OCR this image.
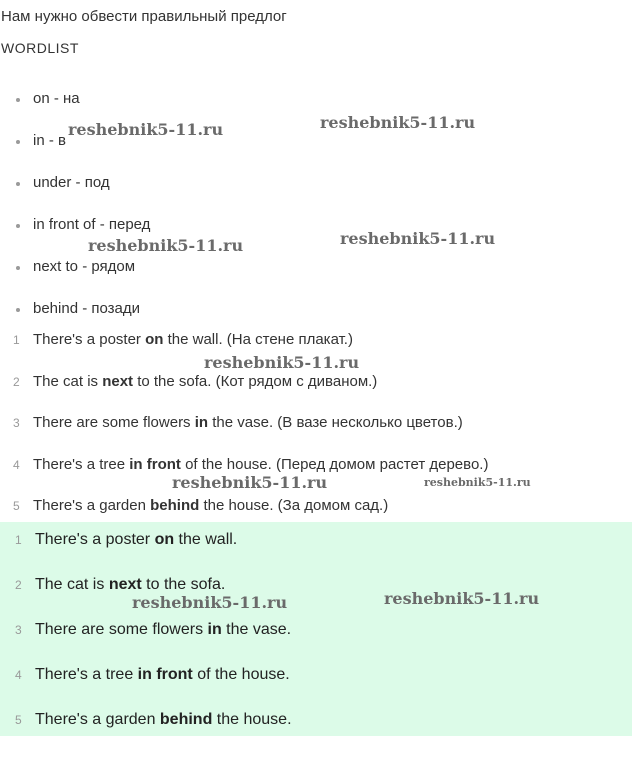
Нам нужно обвести правильный предлог
WORDLIST
on - на
in - в
under - под
in front of - перед
next to - рядом
behind - позади
1 There's a poster on the wall. (На стене плакат.)
2 The cat is next to the sofa. (Кот рядом с диваном.)
3 There are some flowers in the vase. (В вазе несколько цветов.)
4 There's a tree in front of the house. (Перед домом растет дерево.)
5 There's a garden behind the house. (За домом сад.)
1 There's a poster on the wall.
2 The cat is next to the sofa.
3 There are some flowers in the vase.
4 There's a tree in front of the house.
5 There's a garden behind the house.
reshebnik5-11.ru	reshebnik5-11.ru
reshebnik5-11.ru	reshebnik5-11.ru
reshebnik5-11.ru
reshebnik5-11.ru	reshebnik5-11.ru
reshebnik5-11.ru	reshebnik5-11.ru
